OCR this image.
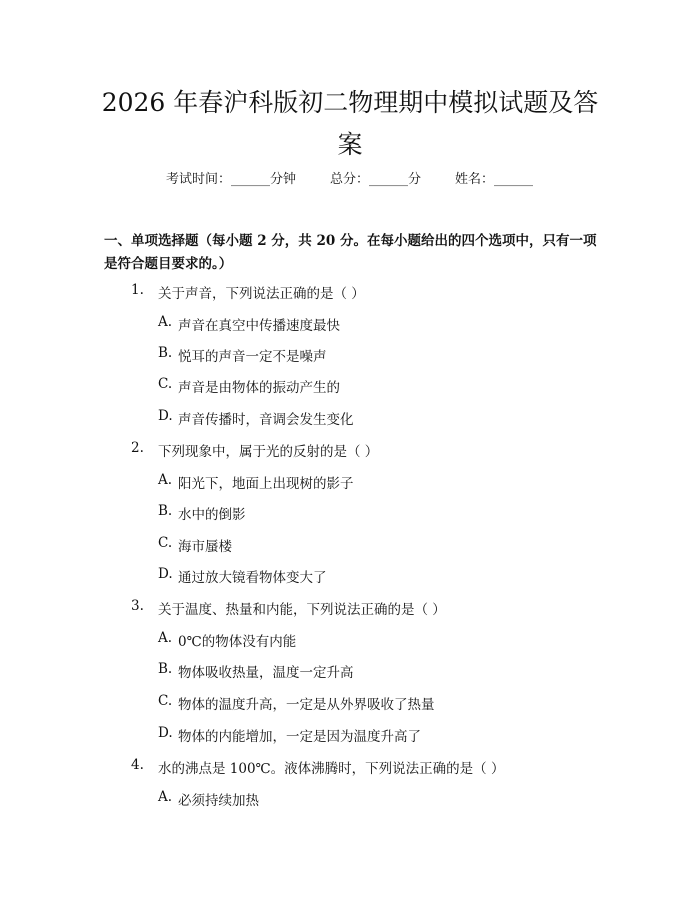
2026 年春沪科版初二物理期中模拟试题及答
案
考试时间：______分钟	总分：______分	姓名：______
一、单项选择题（每小题 2 分，共 20 分。在每小题给出的四个选项中，只有一项
是符合题目要求的。）
1. 关于声音，下列说法正确的是（ ）
A. 声音在真空中传播速度最快
B. 悦耳的声音一定不是噪声
C. 声音是由物体的振动产生的
D. 声音传播时，音调会发生变化
2. 下列现象中，属于光的反射的是（ ）
A. 阳光下，地面上出现树的影子
B. 水中的倒影
C. 海市蜃楼
D. 通过放大镜看物体变大了
3. 关于温度、热量和内能，下列说法正确的是（ ）
A. 0℃的物体没有内能
B. 物体吸收热量，温度一定升高
C. 物体的温度升高，一定是从外界吸收了热量
D. 物体的内能增加，一定是因为温度升高了
4. 水的沸点是 100℃。液体沸腾时，下列说法正确的是（ ）
A. 必须持续加热
